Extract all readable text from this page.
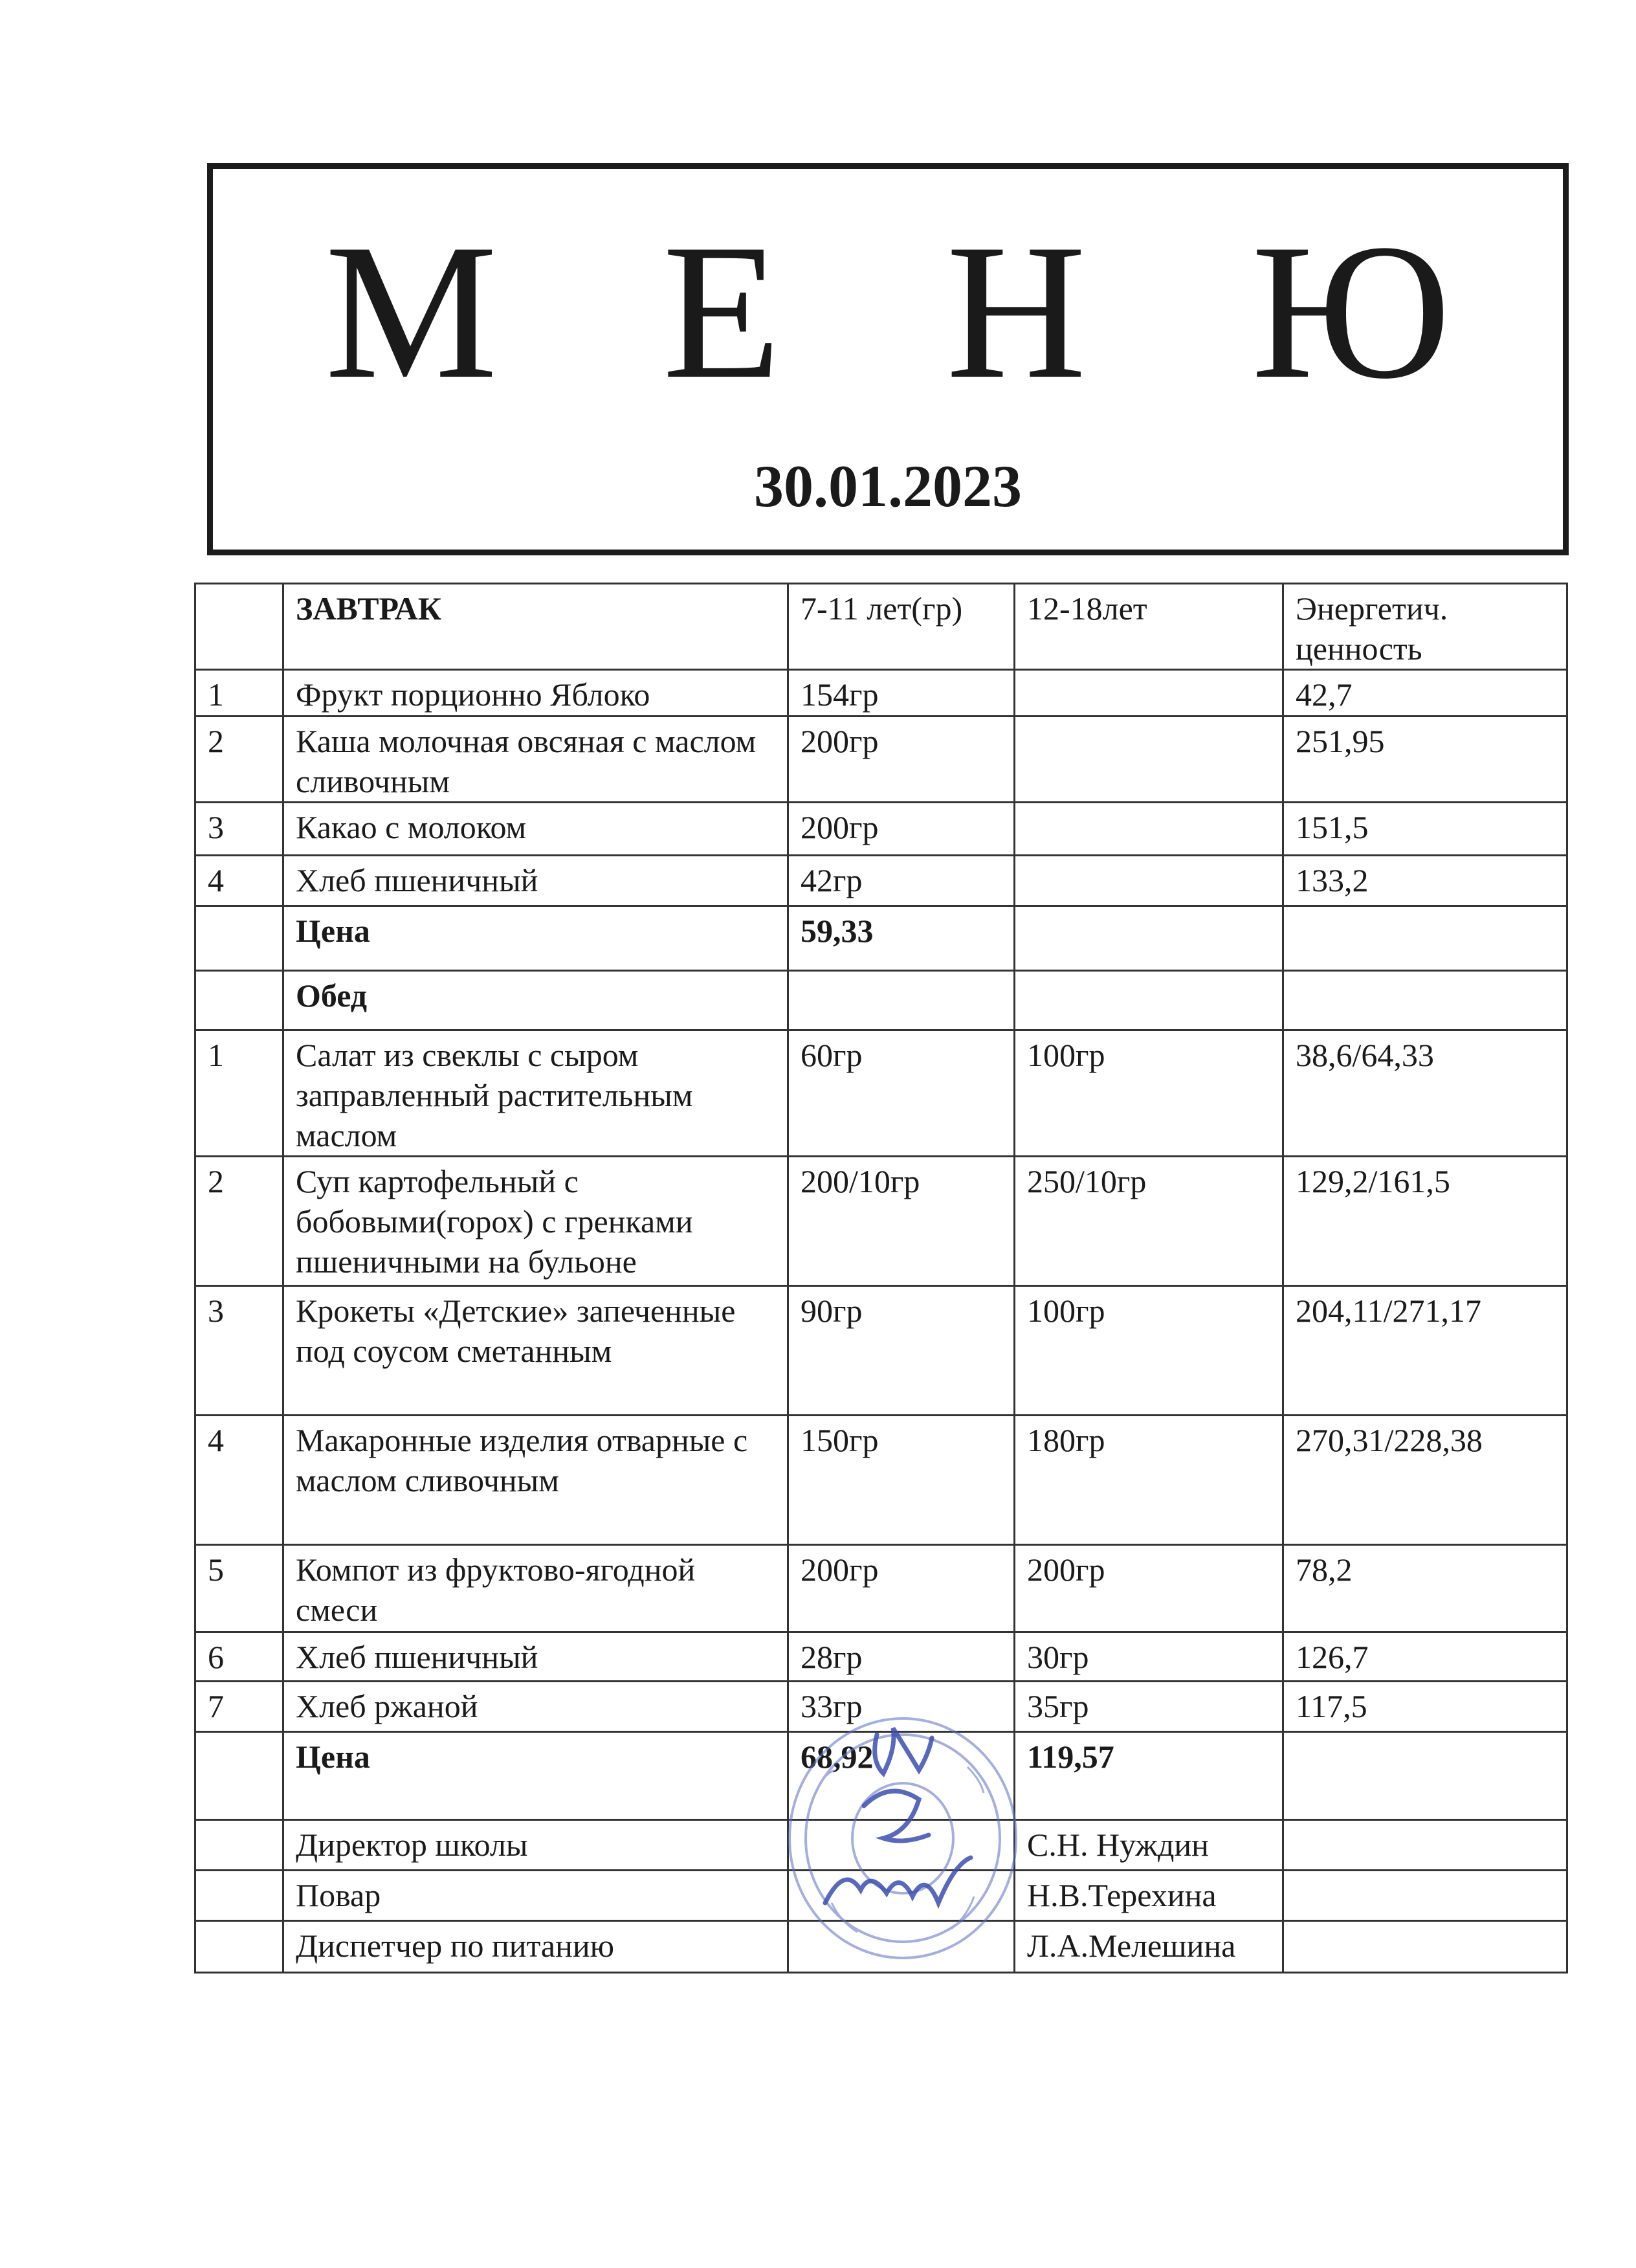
М Е Н Ю
30.01.2023
	ЗАВТРАК	7-11 лет(гр)	12-18лет	Энергетич. ценность
1	Фрукт порционно Яблоко	154гр		42,7
2	Каша молочная овсяная с маслом сливочным	200гр		251,95
3	Какао с молоком	200гр		151,5
4	Хлеб пшеничный	42гр		133,2
	Цена	59,33		
	Обед			
1	Салат из свеклы с сыром заправленный растительным маслом	60гр	100гр	38,6/64,33
2	Суп картофельный с бобовыми(горох) с гренками пшеничными на бульоне	200/10гр	250/10гр	129,2/161,5
3	Крокеты «Детские» запеченные под соусом сметанным	90гр	100гр	204,11/271,17
4	Макаронные изделия отварные с маслом сливочным	150гр	180гр	270,31/228,38
5	Компот из фруктово-ягодной смеси	200гр	200гр	78,2
6	Хлеб пшеничный	28гр	30гр	126,7
7	Хлеб ржаной	33гр	35гр	117,5
	Цена	68,92	119,57	
	Директор школы		С.Н. Нуждин	
	Повар		Н.В.Терехина	
	Диспетчер по питанию		Л.А.Мелешина	
